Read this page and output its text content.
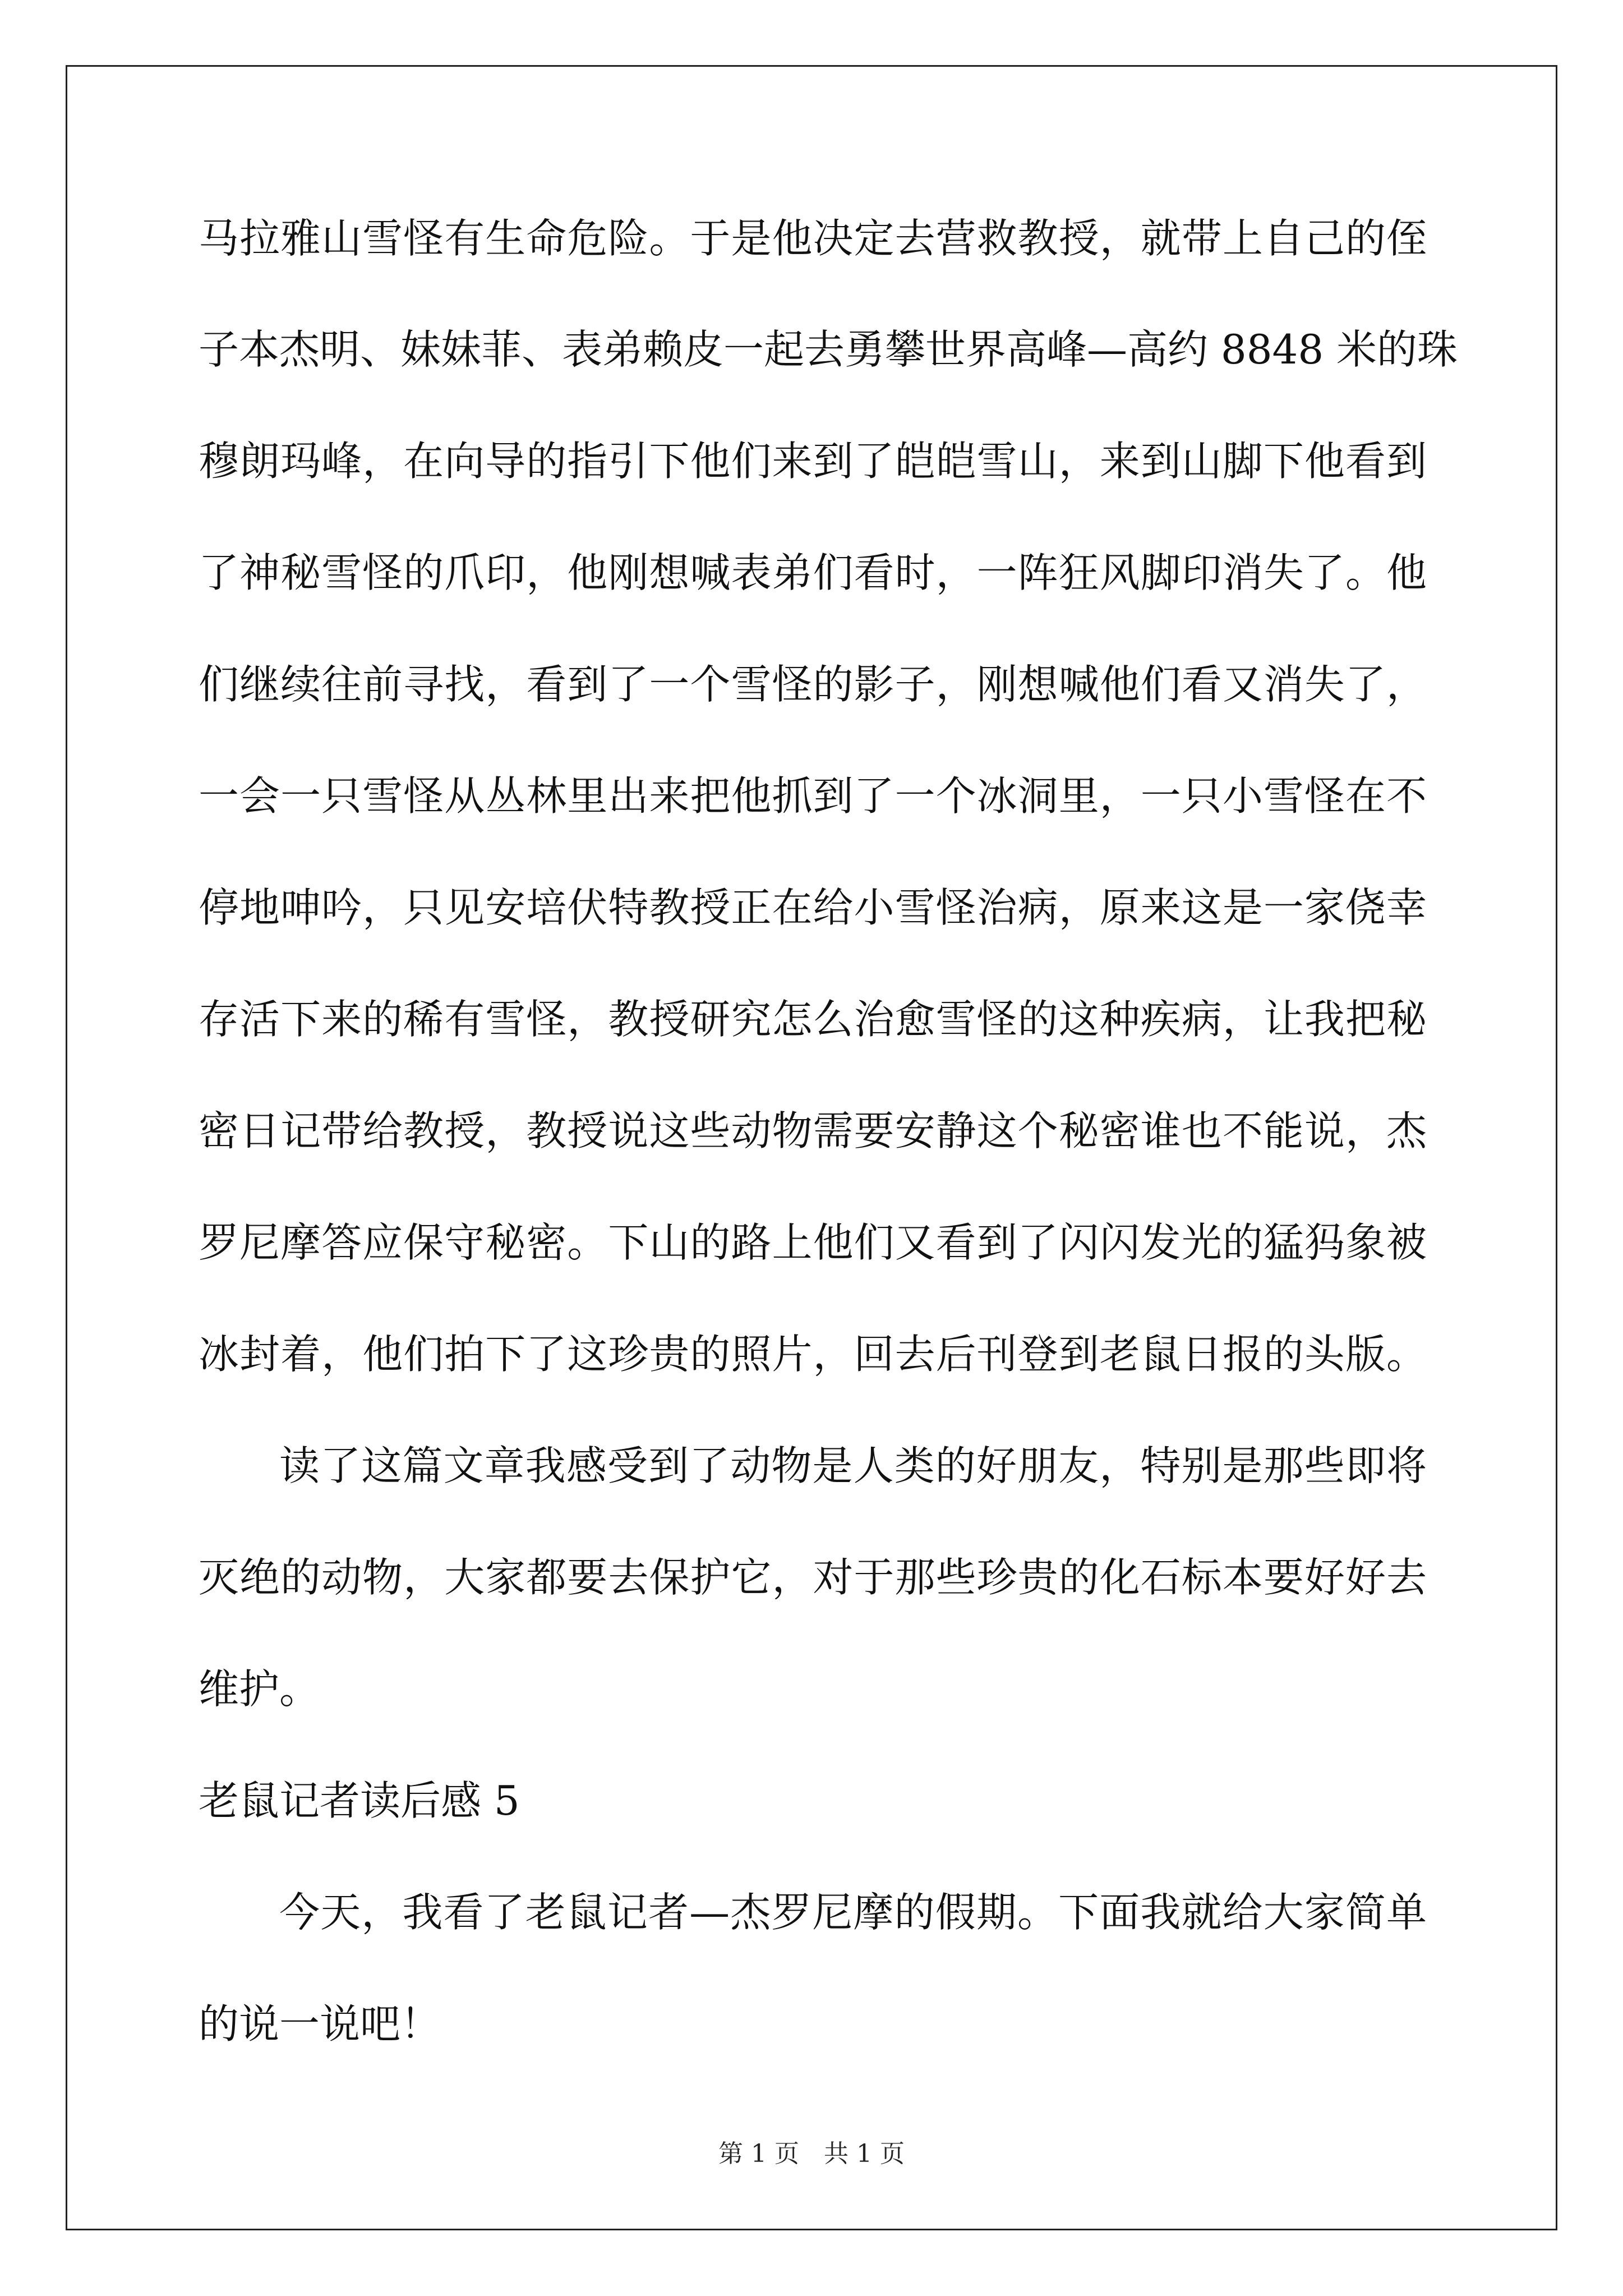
马拉雅山雪怪有生命危险。于是他决定去营救教授，就带上自己的侄
子本杰明、妹妹菲、表弟赖皮一起去勇攀世界高峰—高约 8848 米的珠
穆朗玛峰，在向导的指引下他们来到了皑皑雪山，来到山脚下他看到
了神秘雪怪的爪印，他刚想喊表弟们看时，一阵狂风脚印消失了。他
们继续往前寻找，看到了一个雪怪的影子，刚想喊他们看又消失了，
一会一只雪怪从丛林里出来把他抓到了一个冰洞里，一只小雪怪在不
停地呻吟，只见安培伏特教授正在给小雪怪治病，原来这是一家侥幸
存活下来的稀有雪怪，教授研究怎么治愈雪怪的这种疾病，让我把秘
密日记带给教授，教授说这些动物需要安静这个秘密谁也不能说，杰
罗尼摩答应保守秘密。下山的路上他们又看到了闪闪发光的猛犸象被
冰封着，他们拍下了这珍贵的照片，回去后刊登到老鼠日报的头版。
读了这篇文章我感受到了动物是人类的好朋友，特别是那些即将
灭绝的动物，大家都要去保护它，对于那些珍贵的化石标本要好好去
维护。
老鼠记者读后感 5
今天，我看了老鼠记者—杰罗尼摩的假期。下面我就给大家简单
的说一说吧！
第 1 页　共 1 页
